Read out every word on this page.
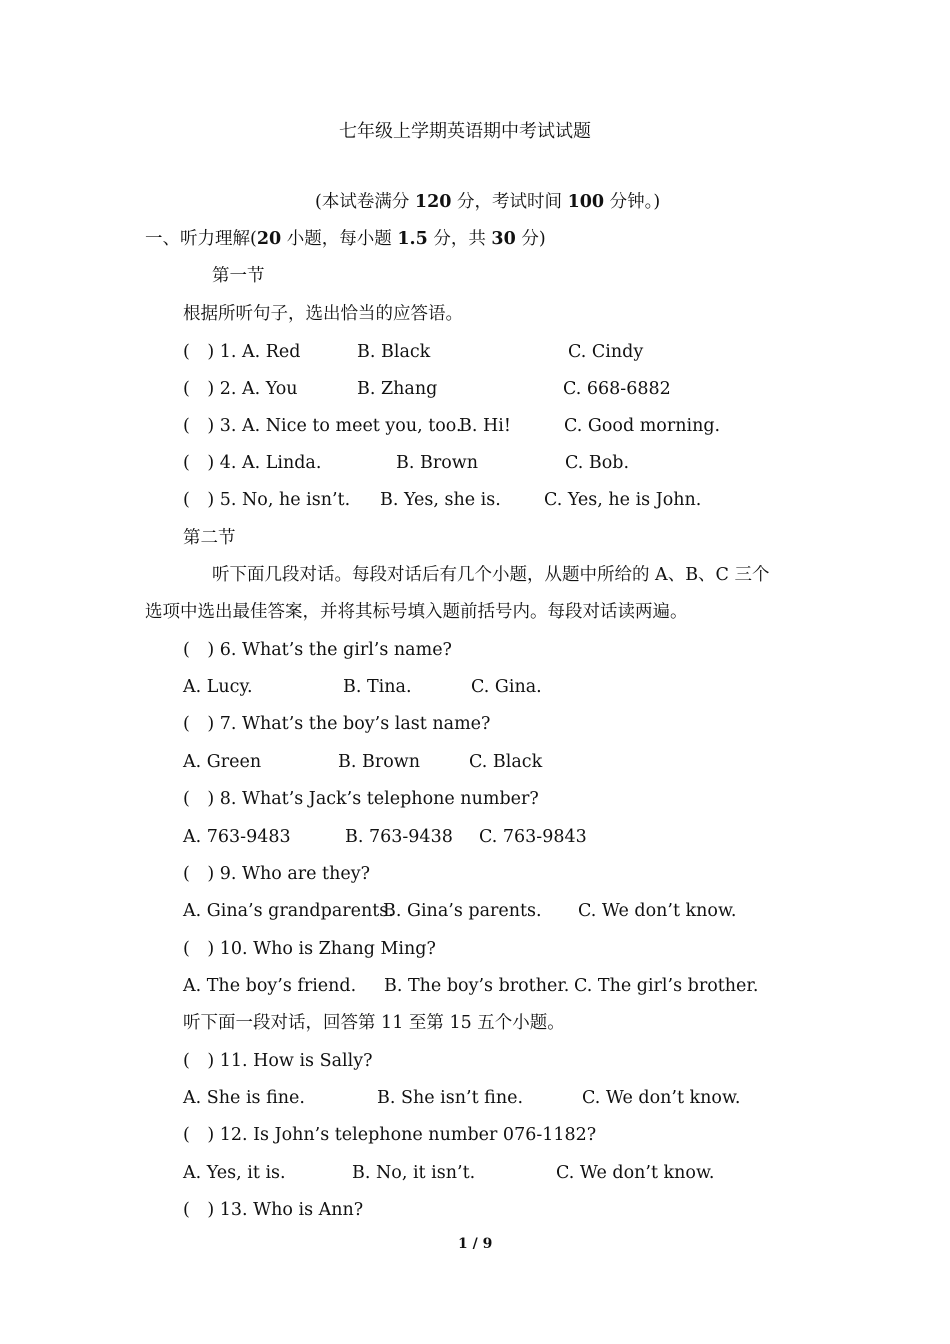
七年级上学期英语期中考试试题

(本试卷满分 120 分，考试时间 100 分钟。)

一、听力理解(20 小题，每小题 1.5 分，共 30 分)

第一节

根据所听句子，选出恰当的应答语。

( ) 1. A. Red	B. Black	C. Cindy

( ) 2. A. You	B. Zhang	C. 668-6882

( ) 3. A. Nice to meet you, too.

B. Hi!	C. Good morning.

( ) 4. A. Linda.	B. Brown	C. Bob.

( ) 5. No, he isn’t. B. Yes, she is. C. Yes, he is John.

第二节

听下面几段对话。每段对话后有几个小题，从题中所给的 A、B、C 三个

选项中选出最佳答案，并将其标号填入题前括号内。每段对话读两遍。

( ) 6. What’s the girl’s name?

A. Lucy.	B. Tina.	C. Gina.

( ) 7. What’s the boy’s last name?

A. Green	B. Brown	C. Black

( ) 8. What’s Jack’s telephone number?

A. 763-9483	B. 763-9438 C. 763-9843

( ) 9. Who are they?

A. Gina’s grandparents.

B. Gina’s parents. C. We don’t know.

( ) 10. Who is Zhang Ming?

A. The boy’s friend. B. The boy’s brother. C. The girl’s brother.

听下面一段对话，回答第 11 至第 15 五个小题。

( ) 11. How is Sally?

A. She is fine.	B. She isn’t fine.	C. We don’t know.

( ) 12. Is John’s telephone number 076-1182?

A. Yes, it is.	B. No, it isn’t.	C. We don’t know.

( ) 13. Who is Ann?

1 / 9
